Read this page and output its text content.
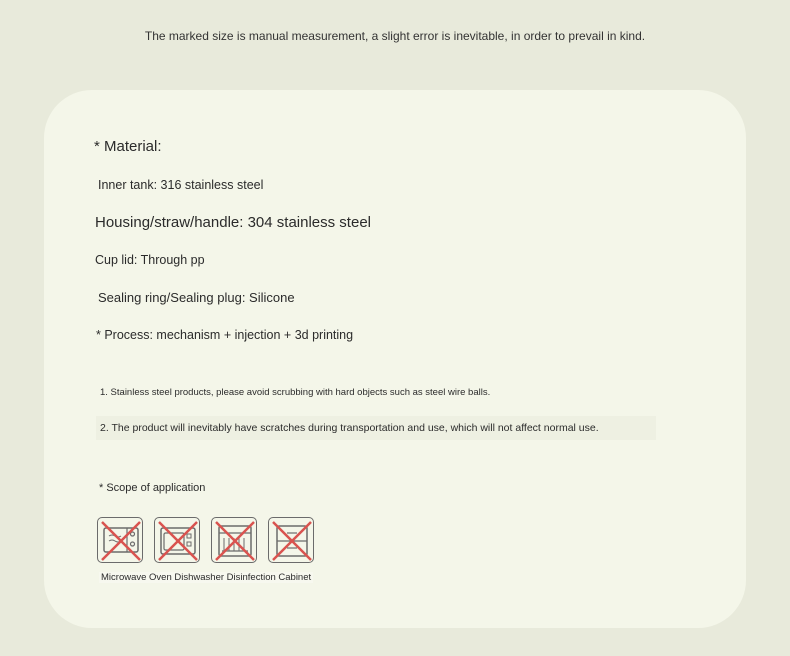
The marked size is manual measurement, a slight error is inevitable, in order to prevail in kind.
* Material:
Inner tank: 316 stainless steel
Housing/straw/handle: 304 stainless steel
Cup lid: Through pp
Sealing ring/Sealing plug: Silicone
* Process: mechanism + injection + 3d printing
1. Stainless steel products, please avoid scrubbing with hard objects such as steel wire balls.
2. The product will inevitably have scratches during transportation and use, which will not affect normal use.
* Scope of application
Microwave Oven Dishwasher Disinfection Cabinet
